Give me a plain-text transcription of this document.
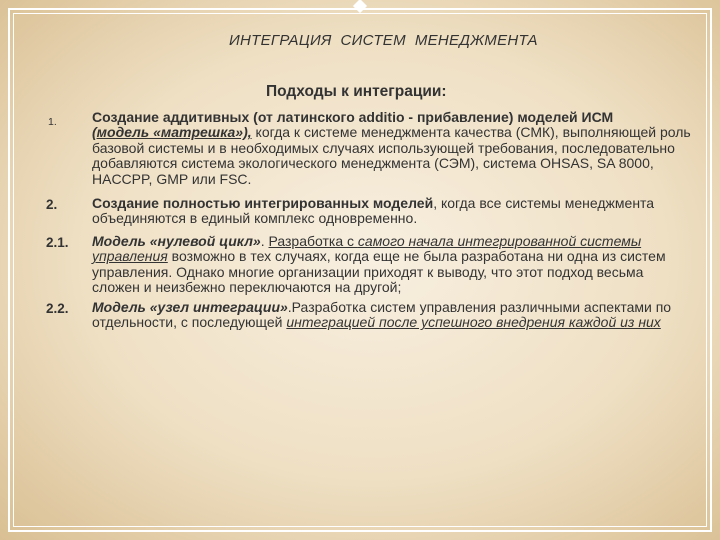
ИНТЕГРАЦИЯ  СИСТЕМ  МЕНЕДЖМЕНТА
Подходы к интеграции:
1.	Создание аддитивных (от латинского additio - прибавление) моделей ИСМ
(модель «матрешка»), когда к системе менеджмента качества (СМК), выполняющей роль базовой системы и в необходимых случаях использующей требования, последовательно добавляются система экологического менеджмента (СЭМ), система OHSAS, SA 8000, HACCPP, GMP или FSC.
2. Создание полностью интегрированных моделей, когда все системы менеджмента объединяются в единый комплекс одновременно.
2.1. Модель «нулевой цикл». Разработка с самого начала интегрированной системы управления возможно в тех случаях, когда еще не была разработана ни одна из систем управления. Однако многие организации приходят к выводу, что этот подход весьма сложен и неизбежно переключаются на другой;
2.2. Модель «узел интеграции».Разработка систем управления различными аспектами по отдельности, с последующей интеграцией после успешного внедрения каждой из них
